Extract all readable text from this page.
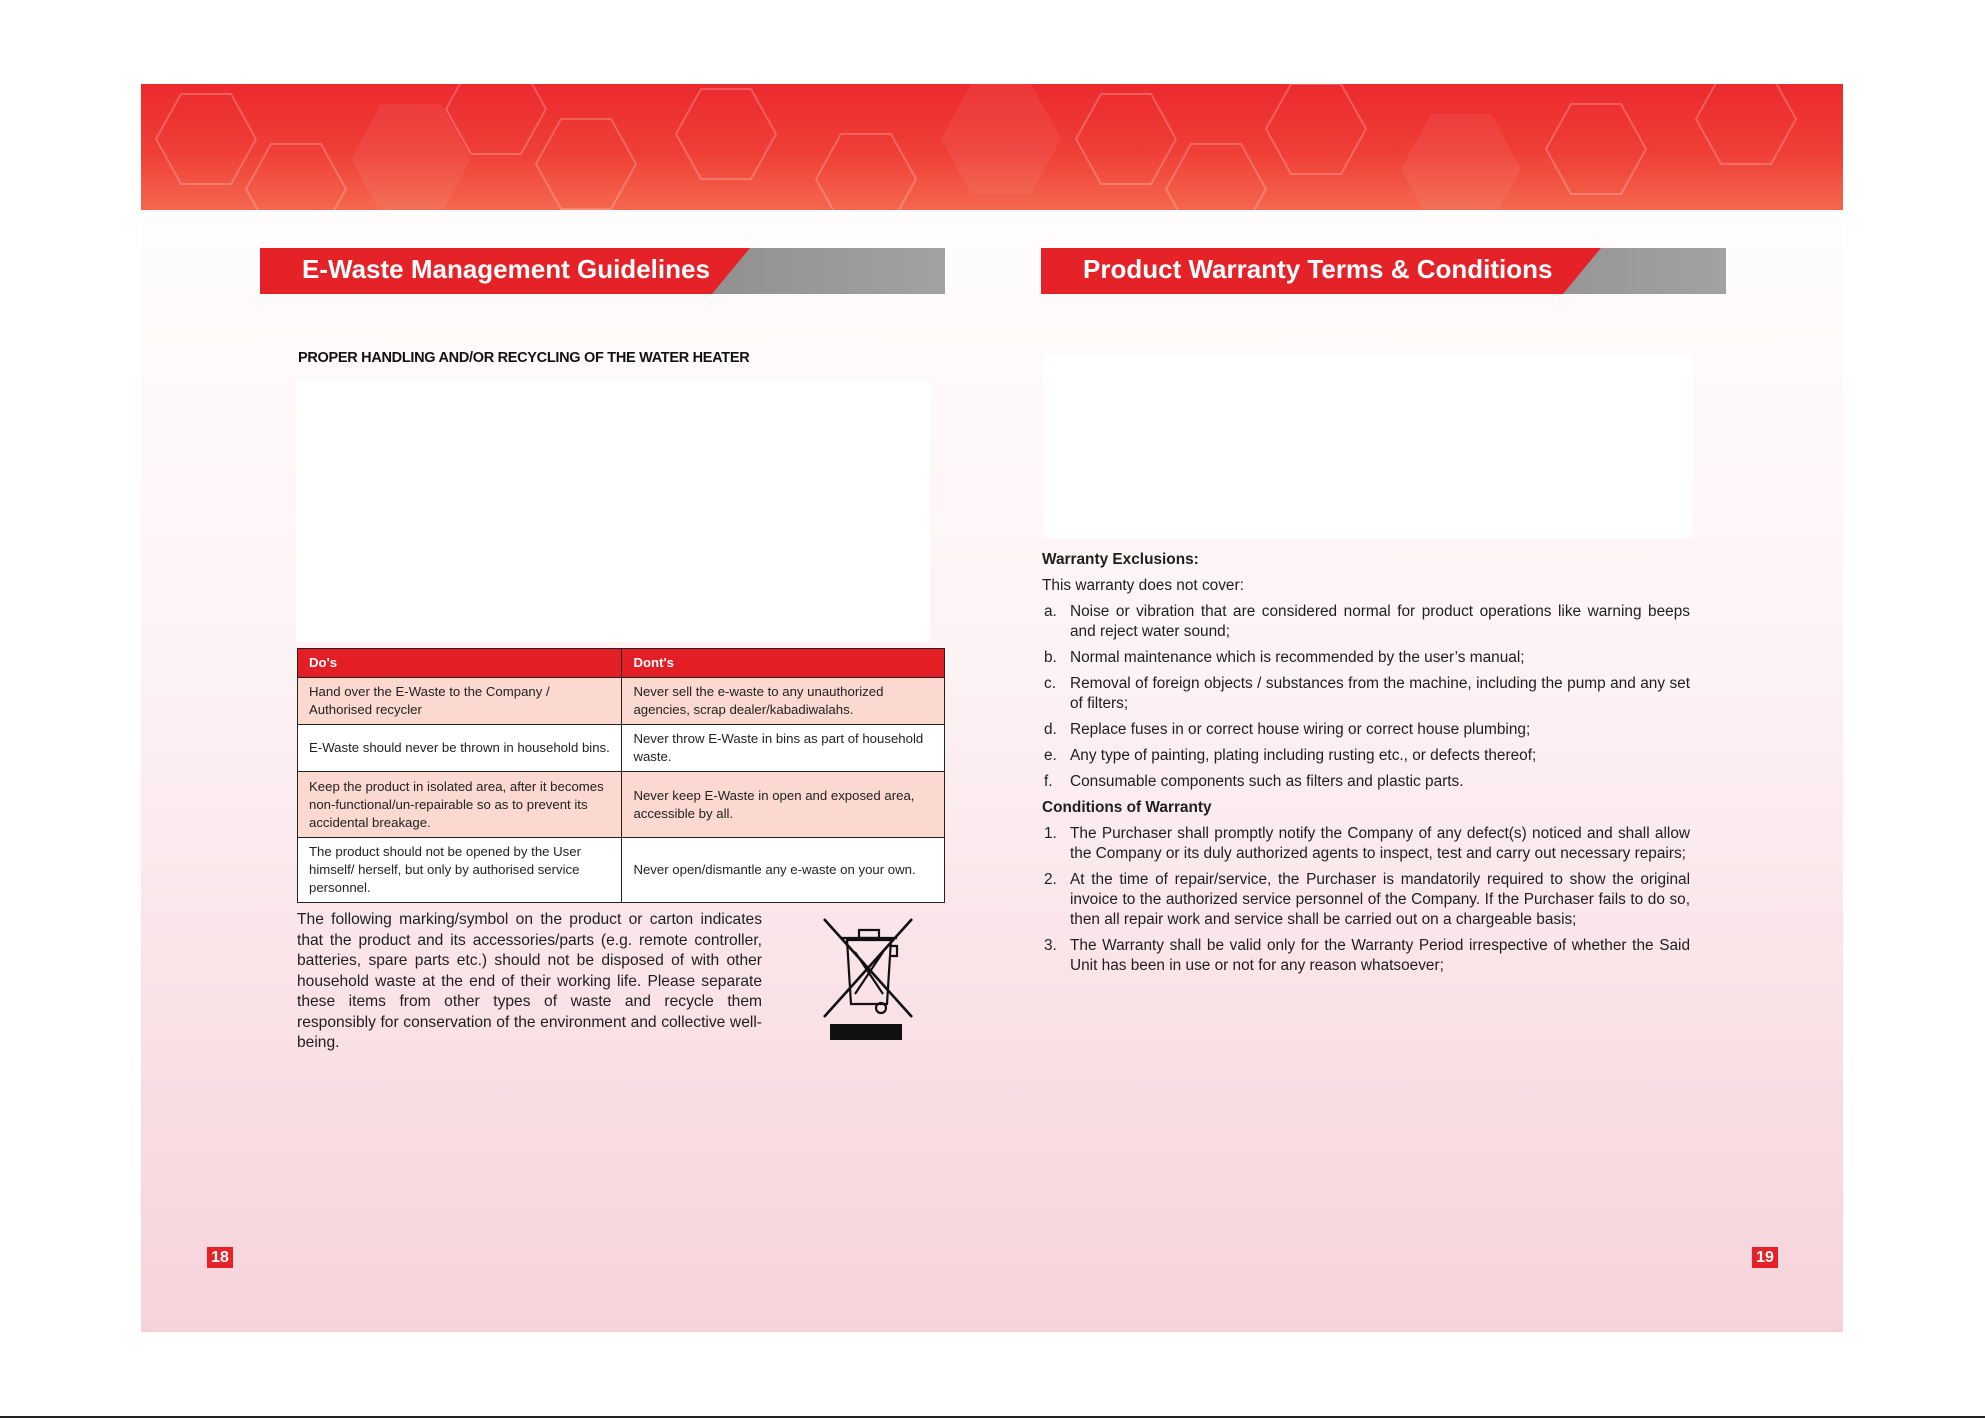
E-Waste Management Guidelines
PROPER HANDLING AND/OR RECYCLING OF THE WATER HEATER
Do's	Dont's
Hand over the E-Waste to the Company / Authorised recycler	Never sell the e-waste to any unauthorized agencies, scrap dealer/kabadiwalahs.
E-Waste should never be thrown in household bins.	Never throw E-Waste in bins as part of household waste.
Keep the product in isolated area, after it becomes non-functional/un-repairable so as to prevent its accidental breakage.	Never keep E-Waste in open and exposed area, accessible by all.
The product should not be opened by the User himself/ herself, but only by authorised service personnel.	Never open/dismantle any e-waste on your own.
The following marking/symbol on the product or carton indicates that the product and its accessories/parts (e.g. remote controller, batteries, spare parts etc.) should not be disposed of with other household waste at the end of their working life. Please separate these items from other types of waste and recycle them responsibly for conservation of the environment and collective well-being.
18
Product Warranty Terms & Conditions
19
Warranty Exclusions:
This warranty does not cover:
a. Noise or vibration that are considered normal for product operations like warning beeps and reject water sound;
b. Normal maintenance which is recommended by the user’s manual;
c. Removal of foreign objects / substances from the machine, including the pump and any set of filters;
d. Replace fuses in or correct house wiring or correct house plumbing;
e. Any type of painting, plating including rusting etc., or defects thereof;
f. Consumable components such as filters and plastic parts.
Conditions of Warranty
1. The Purchaser shall promptly notify the Company of any defect(s) noticed and shall allow the Company or its duly authorized agents to inspect, test and carry out necessary repairs;
2. At the time of repair/service, the Purchaser is mandatorily required to show the original invoice to the authorized service personnel of the Company. If the Purchaser fails to do so, then all repair work and service shall be carried out on a chargeable basis;
3. The Warranty shall be valid only for the Warranty Period irrespective of whether the Said Unit has been in use or not for any reason whatsoever;
